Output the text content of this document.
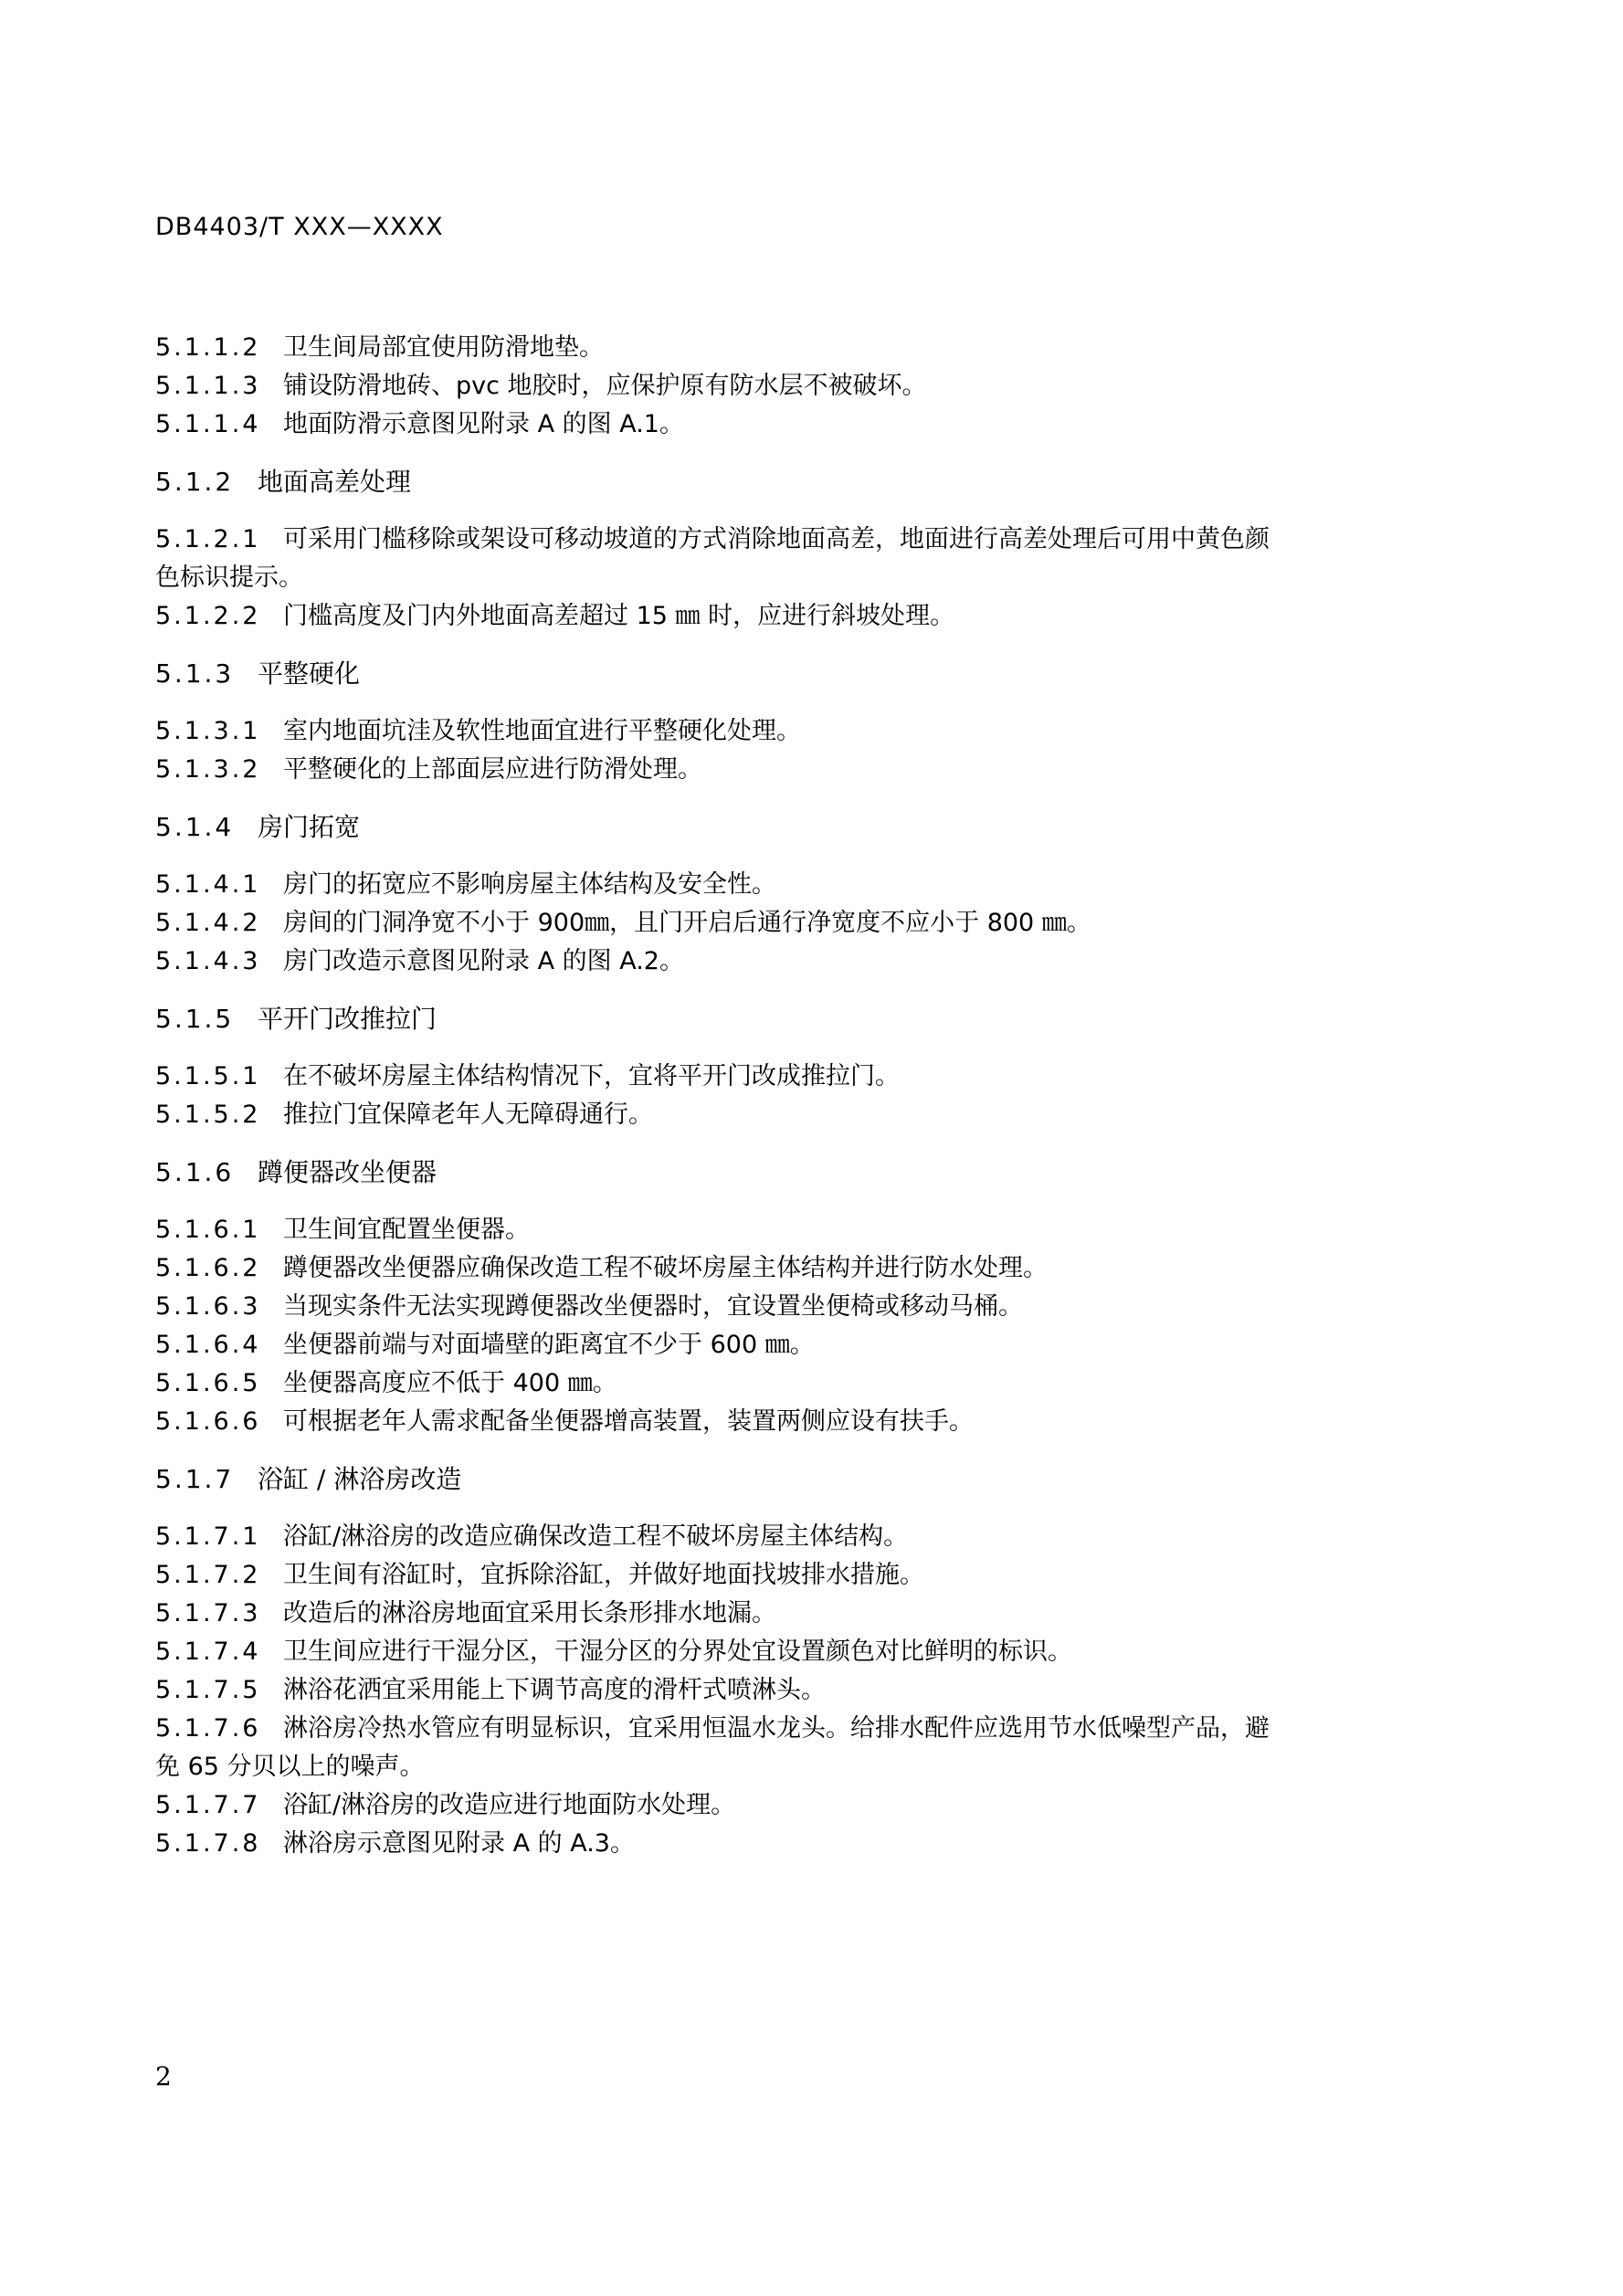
DB4403/T XXX—XXXX
5.1.1.2 卫生间局部宜使用防滑地垫。
5.1.1.3 铺设防滑地砖、pvc 地胶时，应保护原有防水层不被破坏。
5.1.1.4 地面防滑示意图见附录 A 的图 A.1。
5.1.2 地面高差处理
5.1.2.1 可采用门槛移除或架设可移动坡道的方式消除地面高差，地面进行高差处理后可用中黄色颜
色标识提示。
5.1.2.2 门槛高度及门内外地面高差超过 15 ㎜ 时，应进行斜坡处理。
5.1.3 平整硬化
5.1.3.1 室内地面坑洼及软性地面宜进行平整硬化处理。
5.1.3.2 平整硬化的上部面层应进行防滑处理。
5.1.4 房门拓宽
5.1.4.1 房门的拓宽应不影响房屋主体结构及安全性。
5.1.4.2 房间的门洞净宽不小于 900㎜，且门开启后通行净宽度不应小于 800 ㎜。
5.1.4.3 房门改造示意图见附录 A 的图 A.2。
5.1.5 平开门改推拉门
5.1.5.1 在不破坏房屋主体结构情况下，宜将平开门改成推拉门。
5.1.5.2 推拉门宜保障老年人无障碍通行。
5.1.6 蹲便器改坐便器
5.1.6.1 卫生间宜配置坐便器。
5.1.6.2 蹲便器改坐便器应确保改造工程不破坏房屋主体结构并进行防水处理。
5.1.6.3 当现实条件无法实现蹲便器改坐便器时，宜设置坐便椅或移动马桶。
5.1.6.4 坐便器前端与对面墙壁的距离宜不少于 600 ㎜。
5.1.6.5 坐便器高度应不低于 400 ㎜。
5.1.6.6 可根据老年人需求配备坐便器增高装置，装置两侧应设有扶手。
5.1.7 浴缸 / 淋浴房改造
5.1.7.1 浴缸/淋浴房的改造应确保改造工程不破坏房屋主体结构。
5.1.7.2 卫生间有浴缸时，宜拆除浴缸，并做好地面找坡排水措施。
5.1.7.3 改造后的淋浴房地面宜采用长条形排水地漏。
5.1.7.4 卫生间应进行干湿分区，干湿分区的分界处宜设置颜色对比鲜明的标识。
5.1.7.5 淋浴花洒宜采用能上下调节高度的滑杆式喷淋头。
5.1.7.6 淋浴房冷热水管应有明显标识，宜采用恒温水龙头。给排水配件应选用节水低噪型产品，避
免 65 分贝以上的噪声。
5.1.7.7 浴缸/淋浴房的改造应进行地面防水处理。
5.1.7.8 淋浴房示意图见附录 A 的 A.3。
2
